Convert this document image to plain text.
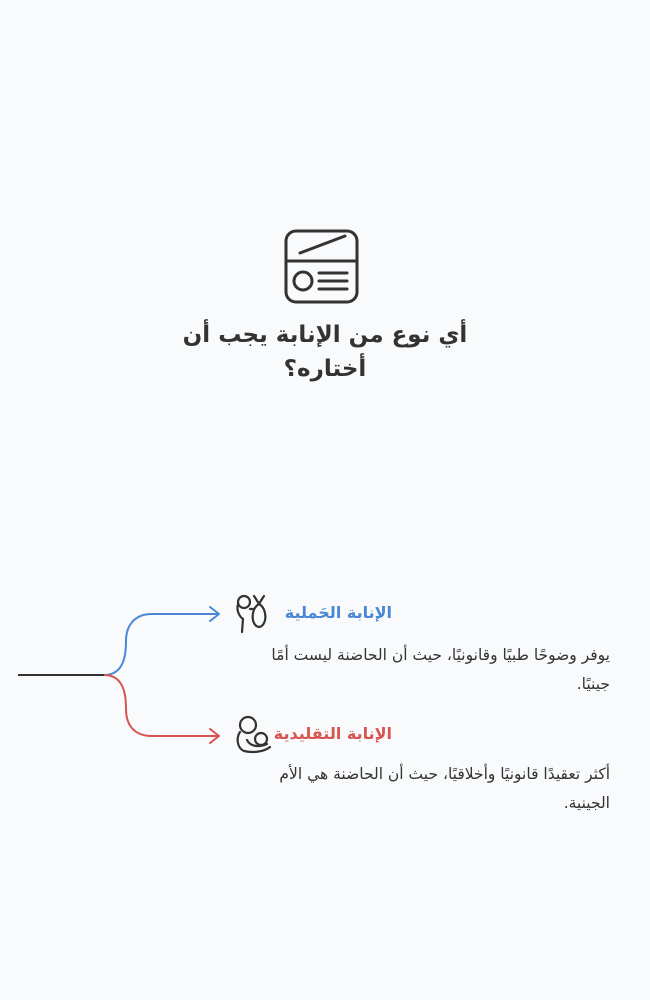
أي نوع من الإنابة يجب أن أختاره؟
الإنابة الحَملية
يوفر وضوحًا طبيًا وقانونيًا، حيث أن الحاضنة ليست أمًا جينيًا.
الإنابة التقليدية
أكثر تعقيدًا قانونيًا وأخلاقيًا، حيث أن الحاضنة هي الأم الجينية.
